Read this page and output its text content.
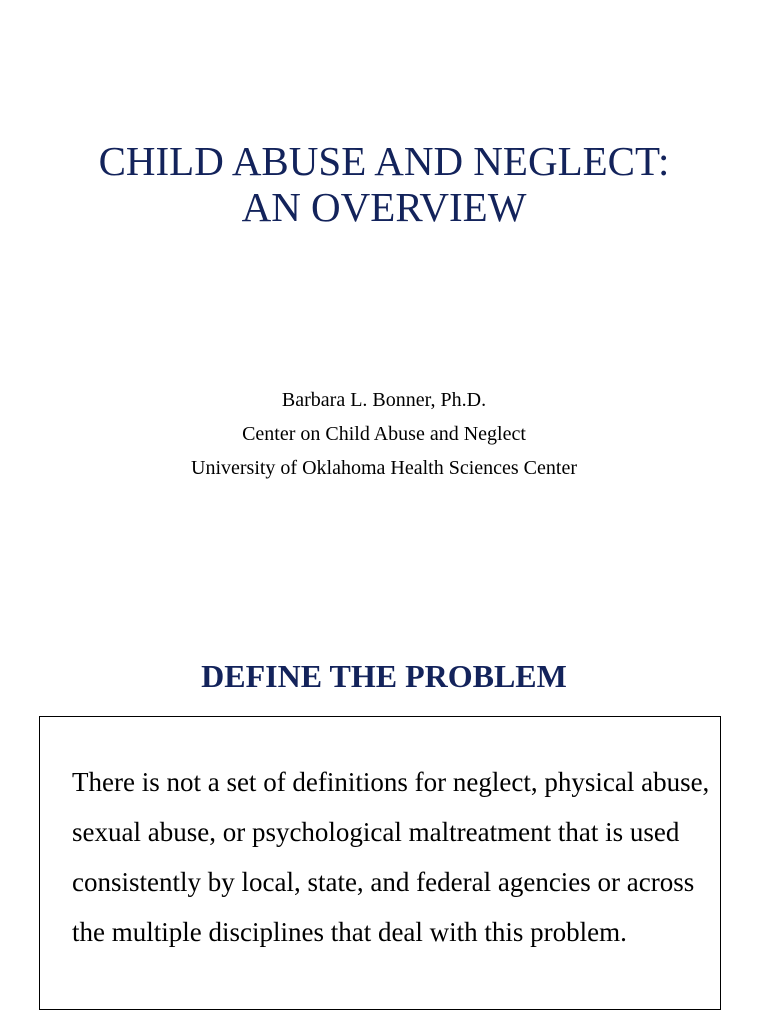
CHILD ABUSE AND NEGLECT:
AN OVERVIEW
Barbara L. Bonner, Ph.D.
Center on Child Abuse and Neglect
University of Oklahoma Health Sciences Center
DEFINE THE PROBLEM

There is not a set of definitions for neglect, physical abuse, sexual abuse, or psychological maltreatment that is used consistently by local, state, and federal agencies or across the multiple disciplines that deal with this problem.
